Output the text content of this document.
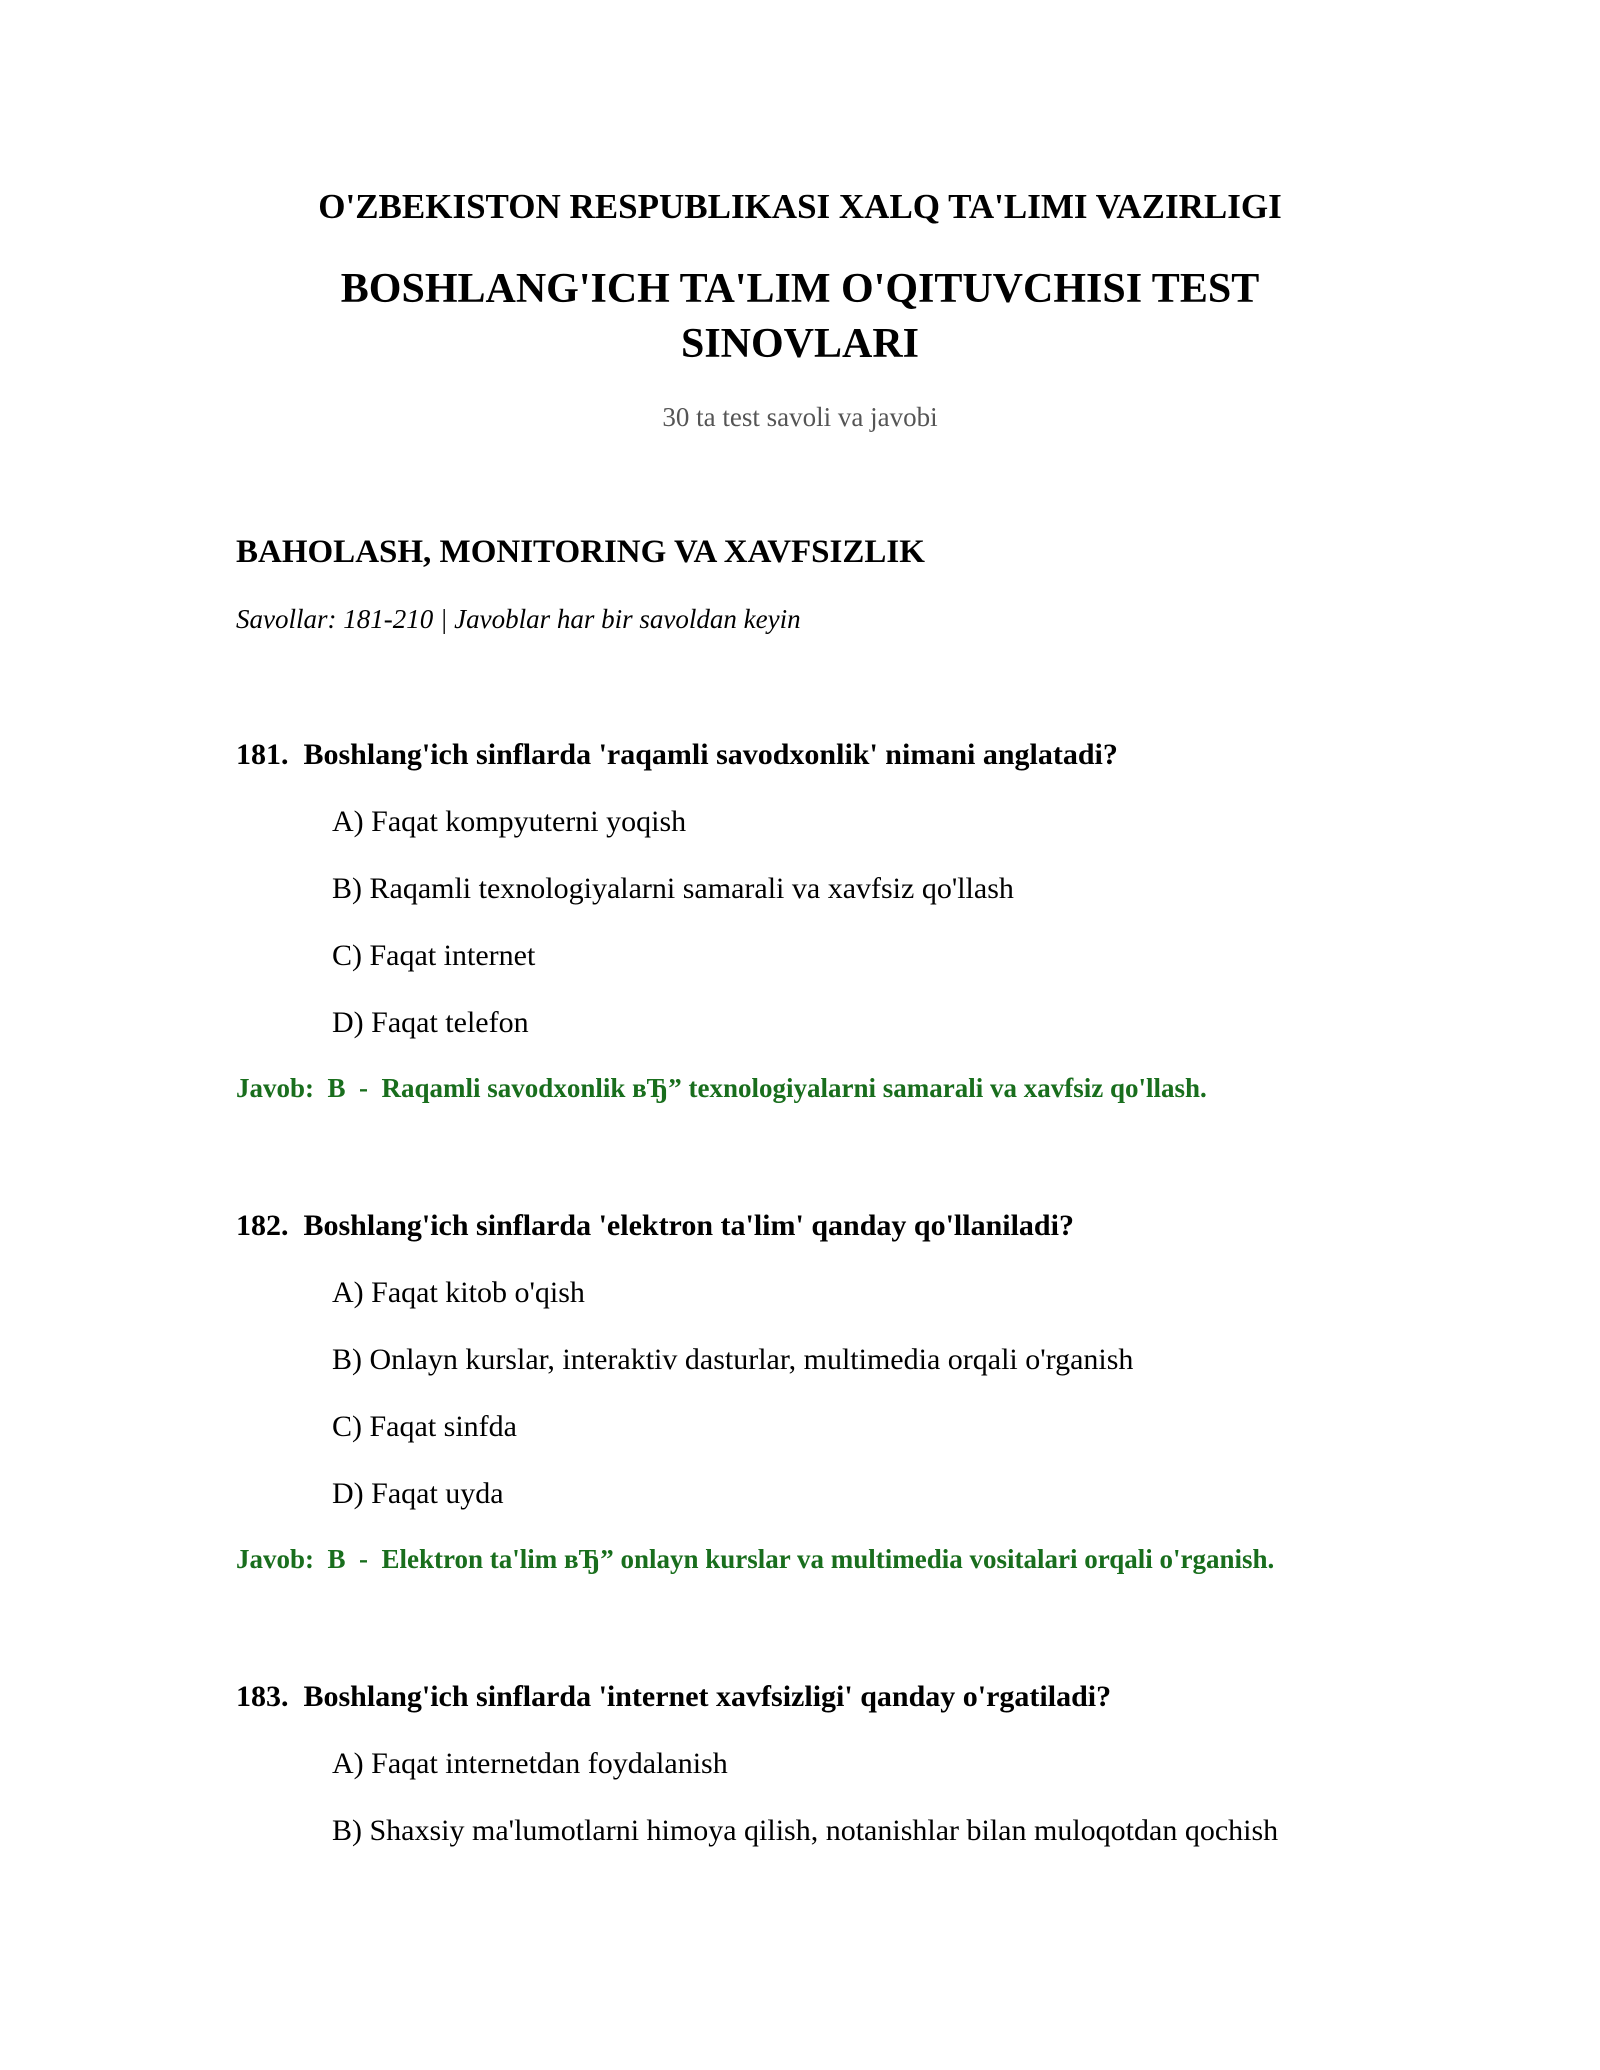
O'ZBEKISTON RESPUBLIKASI XALQ TA'LIMI VAZIRLIGI
BOSHLANG'ICH TA'LIM O'QITUVCHISI TEST SINOVLARI
30 ta test savoli va javobi
BAHOLASH, MONITORING VA XAVFSIZLIK
Savollar: 181-210 | Javoblar har bir savoldan keyin
181. Boshlang'ich sinflarda 'raqamli savodxonlik' nimani anglatadi?
A) Faqat kompyuterni yoqish
B) Raqamli texnologiyalarni samarali va xavfsiz qo'llash
C) Faqat internet
D) Faqat telefon
Javob: B - Raqamli savodxonlik вЂ” texnologiyalarni samarali va xavfsiz qo'llash.
182. Boshlang'ich sinflarda 'elektron ta'lim' qanday qo'llaniladi?
A) Faqat kitob o'qish
B) Onlayn kurslar, interaktiv dasturlar, multimedia orqali o'rganish
C) Faqat sinfda
D) Faqat uyda
Javob: B - Elektron ta'lim вЂ” onlayn kurslar va multimedia vositalari orqali o'rganish.
183. Boshlang'ich sinflarda 'internet xavfsizligi' qanday o'rgatiladi?
A) Faqat internetdan foydalanish
B) Shaxsiy ma'lumotlarni himoya qilish, notanishlar bilan muloqotdan qochish
